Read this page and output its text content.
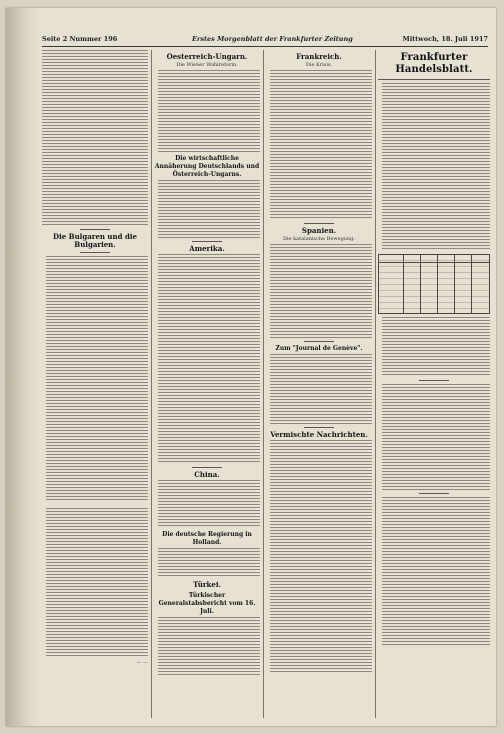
Seite 2 Nummer 196	Erstes Morgenblatt der Frankfurter Zeitung	Mittwoch, 18. Juli 1917
Die Bulgaren und die Bulgarien.
— —
Oesterreich-Ungarn.
Die Wiener Wahlreform.
Die wirtschaftliche Annäherung Deutschlands und Österreich-Ungarns.
Amerika.
China.
Die deutsche Regierung in Holland.
Türkei.
Türkischer Generalstabsbericht vom 16. Juli.
Frankreich.
Die Krisis.
Spanien.
Die katalanische Bewegung.
Zum "Journal de Genève".
Vermischte Nachrichten.
Frankfurter Handelsblatt.
